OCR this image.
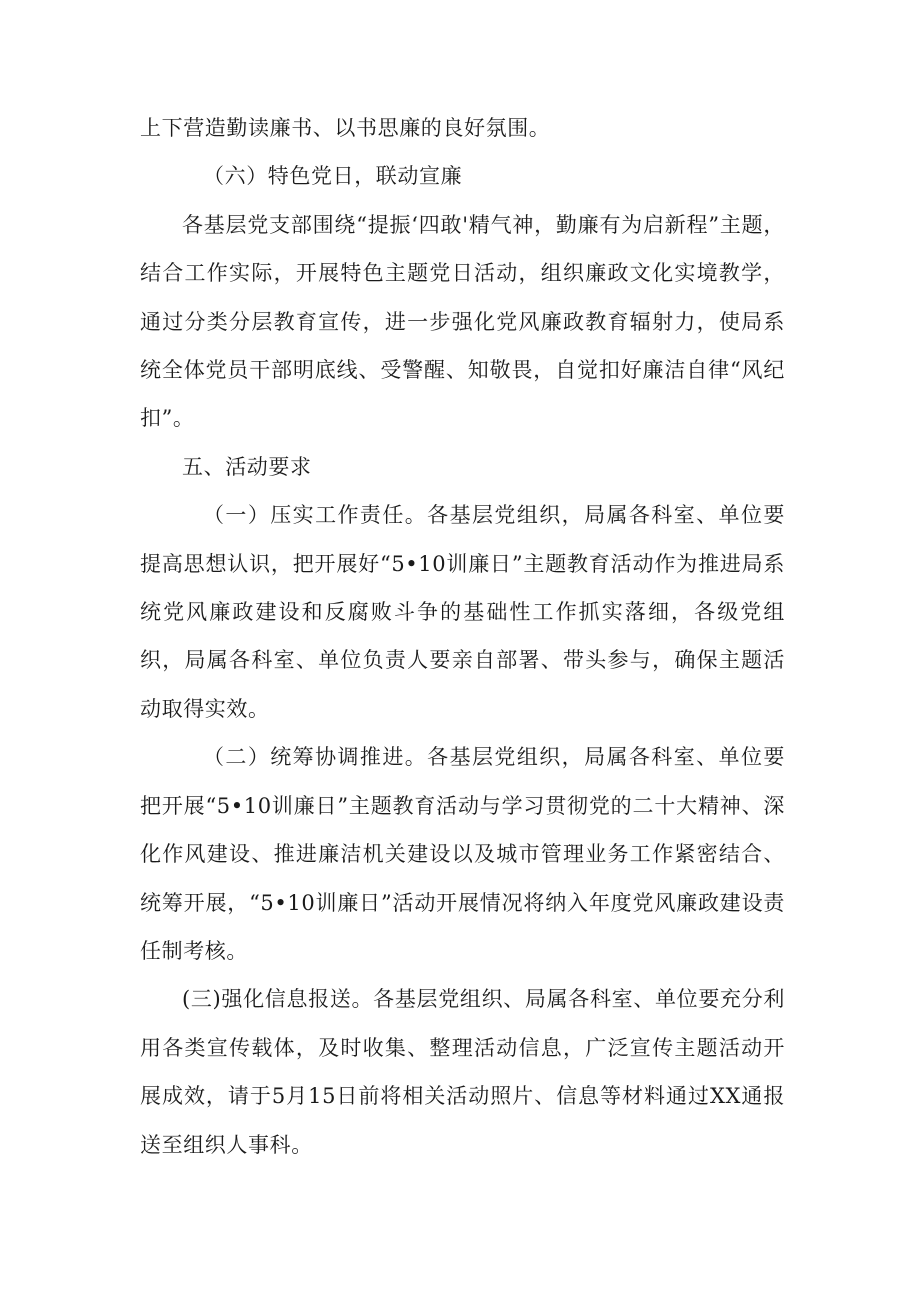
上下营造勤读廉书、以书思廉的良好氛围。

（六）特色党日，联动宣廉

各基层党支部围绕“提振‘四敢'精气神，勤廉有为启新程”主题，结合工作实际，开展特色主题党日活动，组织廉政文化实境教学，通过分类分层教育宣传，进一步强化党风廉政教育辐射力，使局系统全体党员干部明底线、受警醒、知敬畏，自觉扣好廉洁自律“风纪扣”。

五、活动要求

（一）压实工作责任。各基层党组织，局属各科室、单位要提高思想认识，把开展好“5•10训廉日”主题教育活动作为推进局系统党风廉政建设和反腐败斗争的基础性工作抓实落细，各级党组织，局属各科室、单位负责人要亲自部署、带头参与，确保主题活动取得实效。

（二）统筹协调推进。各基层党组织，局属各科室、单位要把开展“5•10训廉日”主题教育活动与学习贯彻党的二十大精神、深化作风建设、推进廉洁机关建设以及城市管理业务工作紧密结合、统筹开展，“5•10训廉日”活动开展情况将纳入年度党风廉政建设责任制考核。

(三)强化信息报送。各基层党组织、局属各科室、单位要充分利用各类宣传载体，及时收集、整理活动信息，广泛宣传主题活动开展成效，请于5月15日前将相关活动照片、信息等材料通过XX通报送至组织人事科。
